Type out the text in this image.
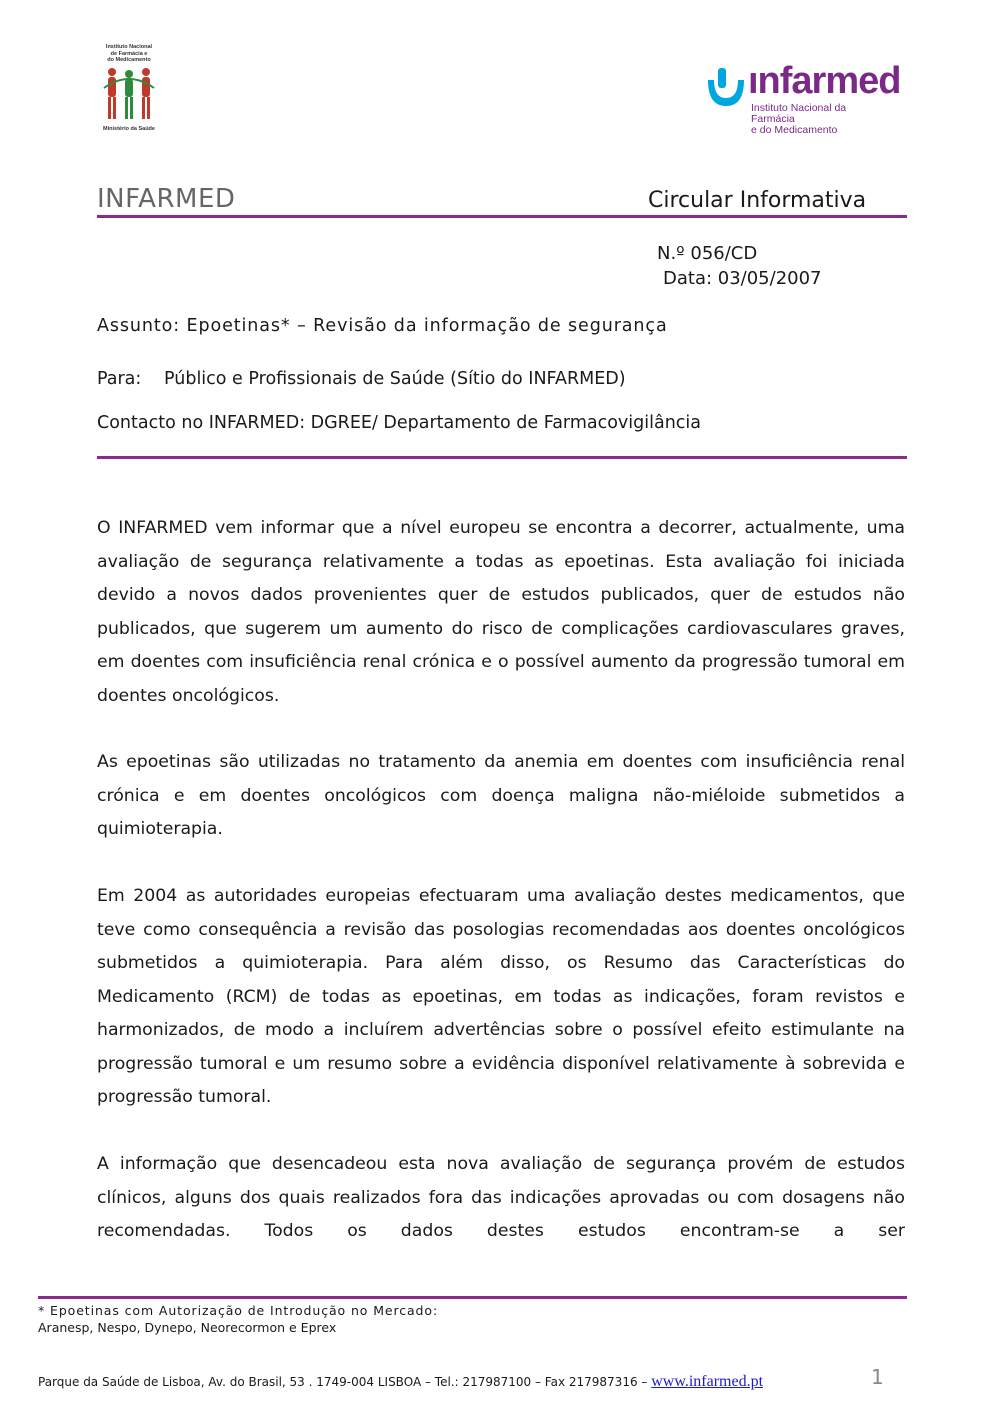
Instituto Nacional
de Farmácia e
do Medicamento
Ministério da Saúde
ınfarmed
Instituto Nacional da Farmácia
e do Medicamento
INFARMED	Circular Informativa
N.º 056/CD
Data: 03/05/2007
Assunto: Epoetinas* – Revisão da informação de segurança
Para: Público e Profissionais de Saúde (Sítio do INFARMED)
Contacto no INFARMED: DGREE/ Departamento de Farmacovigilância

O INFARMED vem informar que a nível europeu se encontra a decorrer, actualmente, uma avaliação de segurança relativamente a todas as epoetinas. Esta avaliação foi iniciada devido a novos dados provenientes quer de estudos publicados, quer de estudos não publicados, que sugerem um aumento do risco de complicações cardiovasculares graves, em doentes com insuficiência renal crónica e o possível aumento da progressão tumoral em doentes oncológicos.

As epoetinas são utilizadas no tratamento da anemia em doentes com insuficiência renal crónica e em doentes oncológicos com doença maligna não-miéloide submetidos a quimioterapia.

Em 2004 as autoridades europeias efectuaram uma avaliação destes medicamentos, que teve como consequência a revisão das posologias recomendadas aos doentes oncológicos submetidos a quimioterapia. Para além disso, os Resumo das Características do Medicamento (RCM) de todas as epoetinas, em todas as indicações, foram revistos e harmonizados, de modo a incluírem advertências sobre o possível efeito estimulante na progressão tumoral e um resumo sobre a evidência disponível relativamente à sobrevida e progressão tumoral.

A informação que desencadeou esta nova avaliação de segurança provém de estudos clínicos, alguns dos quais realizados fora das indicações aprovadas ou com dosagens não recomendadas. Todos os dados destes estudos encontram-se a ser

* Epoetinas com Autorização de Introdução no Mercado:
Aranesp, Nespo, Dynepo, Neorecormon e Eprex
Parque da Saúde de Lisboa, Av. do Brasil, 53 . 1749-004 LISBOA – Tel.: 217987100 – Fax 217987316 – www.infarmed.pt	1
